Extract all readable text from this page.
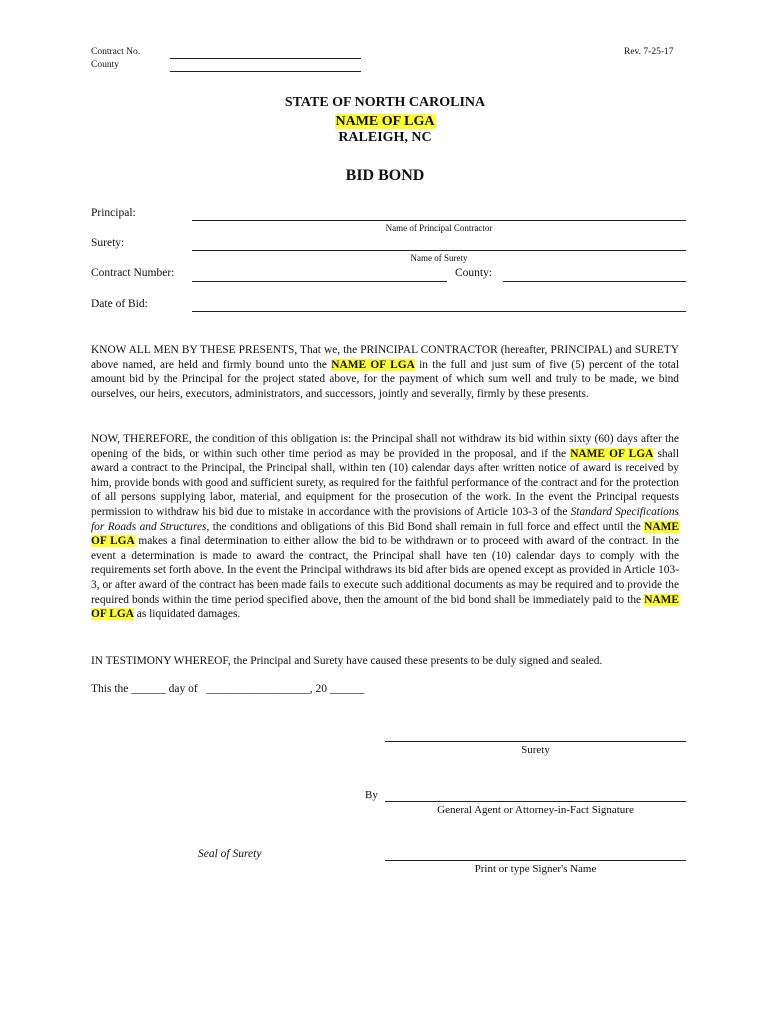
Contract No.
County
Rev. 7-25-17
STATE OF NORTH CAROLINA
NAME OF LGA
RALEIGH, NC
BID BOND
Principal:
Name of Principal Contractor
Surety:
Name of Surety
Contract Number:	County:
Date of Bid:
KNOW ALL MEN BY THESE PRESENTS, That we, the PRINCIPAL CONTRACTOR (hereafter, PRINCIPAL) and SURETY above named, are held and firmly bound unto the NAME OF LGA in the full and just sum of five (5) percent of the total amount bid by the Principal for the project stated above, for the payment of which sum well and truly to be made, we bind ourselves, our heirs, executors, administrators, and successors, jointly and severally, firmly by these presents.
NOW, THEREFORE, the condition of this obligation is: the Principal shall not withdraw its bid within sixty (60) days after the opening of the bids, or within such other time period as may be provided in the proposal, and if the NAME OF LGA shall award a contract to the Principal, the Principal shall, within ten (10) calendar days after written notice of award is received by him, provide bonds with good and sufficient surety, as required for the faithful performance of the contract and for the protection of all persons supplying labor, material, and equipment for the prosecution of the work. In the event the Principal requests permission to withdraw his bid due to mistake in accordance with the provisions of Article 103-3 of the Standard Specifications for Roads and Structures, the conditions and obligations of this Bid Bond shall remain in full force and effect until the NAME OF LGA makes a final determination to either allow the bid to be withdrawn or to proceed with award of the contract. In the event a determination is made to award the contract, the Principal shall have ten (10) calendar days to comply with the requirements set forth above. In the event the Principal withdraws its bid after bids are opened except as provided in Article 103-3, or after award of the contract has been made fails to execute such additional documents as may be required and to provide the required bonds within the time period specified above, then the amount of the bid bond shall be immediately paid to the NAME OF LGA as liquidated damages.
IN TESTIMONY WHEREOF, the Principal and Surety have caused these presents to be duly signed and sealed.
This the ______ day of   __________________, 20 ______
Surety
By
General Agent or Attorney-in-Fact Signature
Seal of Surety
Print or type Signer's Name
